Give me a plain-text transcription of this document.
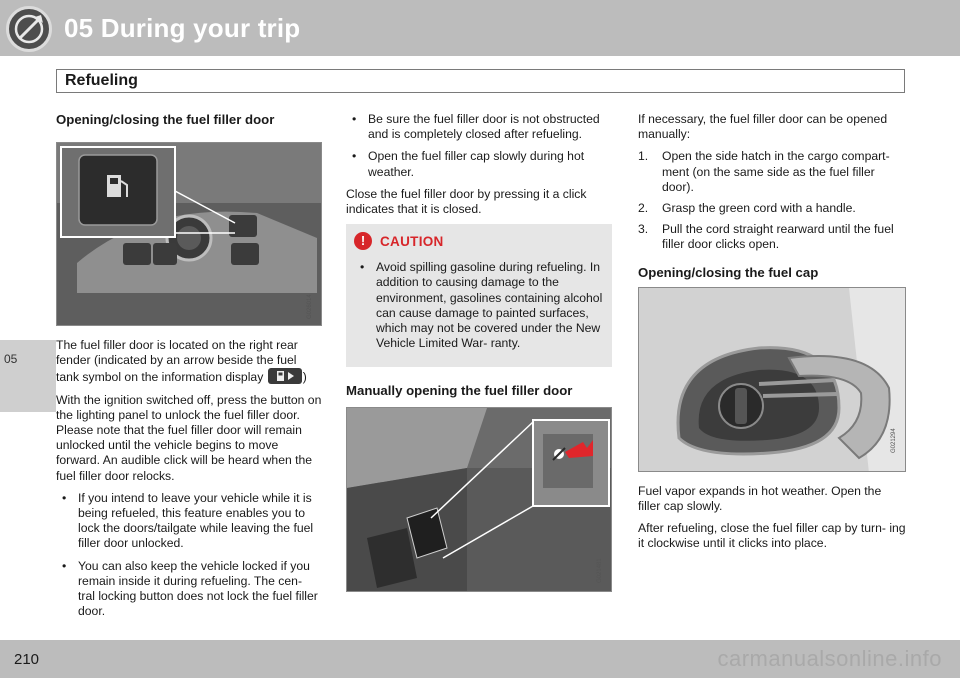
05 During your trip
Refueling
05
Opening/closing the fuel filler door
G026014

The fuel filler door is located on the right rear fender (indicated by an arrow beside the fuel tank symbol on the information display	)

With the ignition switched off, press the button on the lighting panel to unlock the fuel filler door. Please note that the fuel filler door will remain unlocked until the vehicle begins to move forward. An audible click will be heard when the fuel filler door relocks.

• If you intend to leave your vehicle while it is being refueled, this feature enables you to lock the doors/tailgate while leaving the fuel filler door unlocked.
• You can also keep the vehicle locked if you remain inside it during refueling. The cen- tral locking button does not lock the fuel filler door.
• Be sure the fuel filler door is not obstructed and is completely closed after refueling.
• Open the fuel filler cap slowly during hot weather.

Close the fuel filler door by pressing it a click indicates that it is closed.

!	CAUTION
• Avoid spilling gasoline during refueling. In addition to causing damage to the environment, gasolines containing alcohol can cause damage to painted surfaces, which may not be covered under the New Vehicle Limited War- ranty.
Manually opening the fuel filler door
G021481

If necessary, the fuel filler door can be opened manually:

1. Open the side hatch in the cargo compart- ment (on the same side as the fuel filler door).
2. Grasp the green cord with a handle.
3. Pull the cord straight rearward until the fuel filler door clicks open.
Opening/closing the fuel cap
G021294

Fuel vapor expands in hot weather. Open the filler cap slowly.

After refueling, close the fuel filler cap by turn- ing it clockwise until it clicks into place.

210	carmanualsonline.info
